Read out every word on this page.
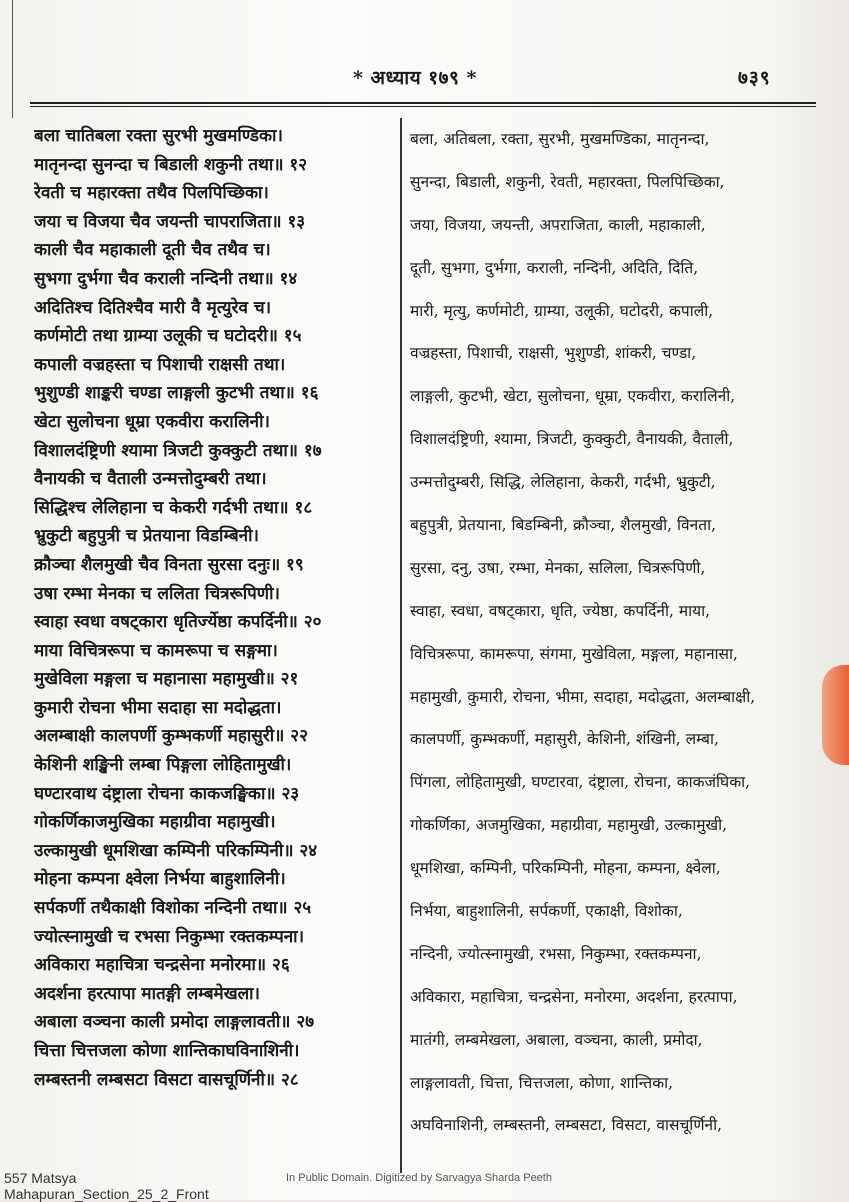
* अध्याय १७९ *	७३९
बला चातिबला रक्ता सुरभी मुखमण्डिका।
मातृनन्दा सुनन्दा च बिडाली शकुनी तथा॥ १२
रेवती च महारक्ता तथैव पिलपिच्छिका।
जया च विजया चैव जयन्ती चापराजिता॥ १३
काली चैव महाकाली दूती चैव तथैव च।
सुभगा दुर्भगा चैव कराली नन्दिनी तथा॥ १४
अदितिश्च दितिश्चैव मारी वै मृत्युरेव च।
कर्णमोटी तथा ग्राम्या उलूकी च घटोदरी॥ १५
कपाली वज्रहस्ता च पिशाची राक्षसी तथा।
भुशुण्डी शाङ्करी चण्डा लाङ्गली कुटभी तथा॥ १६
खेटा सुलोचना धूम्रा एकवीरा करालिनी।
विशालदंष्ट्रिणी श्यामा त्रिजटी कुक्कुटी तथा॥ १७
वैनायकी च वैताली उन्मत्तोदुम्बरी तथा।
सिद्धिश्च लेलिहाना च केकरी गर्दभी तथा॥ १८
भ्रुकुटी बहुपुत्री च प्रेतयाना विडम्बिनी।
क्रौञ्चा शैलमुखी चैव विनता सुरसा दनुः॥ १९
उषा रम्भा मेनका च ललिता चित्ररूपिणी।
स्वाहा स्वधा वषट्कारा धृतिर्ज्येष्ठा कपर्दिनी॥ २०
माया विचित्ररूपा च कामरूपा च सङ्गमा।
मुखेविला मङ्गला च महानासा महामुखी॥ २१
कुमारी रोचना भीमा सदाहा सा मदोद्धता।
अलम्बाक्षी कालपर्णी कुम्भकर्णी महासुरी॥ २२
केशिनी शङ्खिनी लम्बा पिङ्गला लोहितामुखी।
घण्टारवाथ दंष्ट्राला रोचना काकजङ्घिका॥ २३
गोकर्णिकाजमुखिका महाग्रीवा महामुखी।
उल्कामुखी धूमशिखा कम्पिनी परिकम्पिनी॥ २४
मोहना कम्पना क्ष्वेला निर्भया बाहुशालिनी।
सर्पकर्णी तथैकाक्षी विशोका नन्दिनी तथा॥ २५
ज्योत्स्नामुखी च रभसा निकुम्भा रक्तकम्पना।
अविकारा महाचित्रा चन्द्रसेना मनोरमा॥ २६
अदर्शना हरत्पापा मातङ्गी लम्बमेखला।
अबाला वञ्चना काली प्रमोदा लाङ्गलावती॥ २७
चित्ता चित्तजला कोणा शान्तिकाघविनाशिनी।
लम्बस्तनी लम्बसटा विसटा वासचूर्णिनी॥ २८
बला, अतिबला, रक्ता, सुरभी, मुखमण्डिका, मातृनन्दा,
सुनन्दा, बिडाली, शकुनी, रेवती, महारक्ता, पिलपिच्छिका,
जया, विजया, जयन्ती, अपराजिता, काली, महाकाली,
दूती, सुभगा, दुर्भगा, कराली, नन्दिनी, अदिति, दिति,
मारी, मृत्यु, कर्णमोटी, ग्राम्या, उलूकी, घटोदरी, कपाली,
वज्रहस्ता, पिशाची, राक्षसी, भुशुण्डी, शांकरी, चण्डा,
लाङ्गली, कुटभी, खेटा, सुलोचना, धूम्रा, एकवीरा, करालिनी,
विशालदंष्ट्रिणी, श्यामा, त्रिजटी, कुक्कुटी, वैनायकी, वैताली,
उन्मत्तोदुम्बरी, सिद्धि, लेलिहाना, केकरी, गर्दभी, भ्रुकुटी,
बहुपुत्री, प्रेतयाना, बिडम्बिनी, क्रौञ्चा, शैलमुखी, विनता,
सुरसा, दनु, उषा, रम्भा, मेनका, सलिला, चित्ररूपिणी,
स्वाहा, स्वधा, वषट्कारा, धृति, ज्येष्ठा, कपर्दिनी, माया,
विचित्ररूपा, कामरूपा, संगमा, मुखेविला, मङ्गला, महानासा,
महामुखी, कुमारी, रोचना, भीमा, सदाहा, मदोद्धता, अलम्बाक्षी,
कालपर्णी, कुम्भकर्णी, महासुरी, केशिनी, शंखिनी, लम्बा,
पिंगला, लोहितामुखी, घण्टारवा, दंष्ट्राला, रोचना, काकजंघिका,
गोकर्णिका, अजमुखिका, महाग्रीवा, महामुखी, उल्कामुखी,
धूमशिखा, कम्पिनी, परिकम्पिनी, मोहना, कम्पना, क्ष्वेला,
निर्भया, बाहुशालिनी, सर्पकर्णी, एकाक्षी, विशोका,
नन्दिनी, ज्योत्स्नामुखी, रभसा, निकुम्भा, रक्तकम्पना,
अविकारा, महाचित्रा, चन्द्रसेना, मनोरमा, अदर्शना, हरत्पापा,
मातंगी, लम्बमेखला, अबाला, वञ्चना, काली, प्रमोदा,
लाङ्गलावती, चित्ता, चित्तजला, कोणा, शान्तिका,
अघविनाशिनी, लम्बस्तनी, लम्बसटा, विसटा, वासचूर्णिनी,
557 Matsya Mahapuran_Section_25_2_Front
In Public Domain. Digitized by Sarvagya Sharda Peeth
